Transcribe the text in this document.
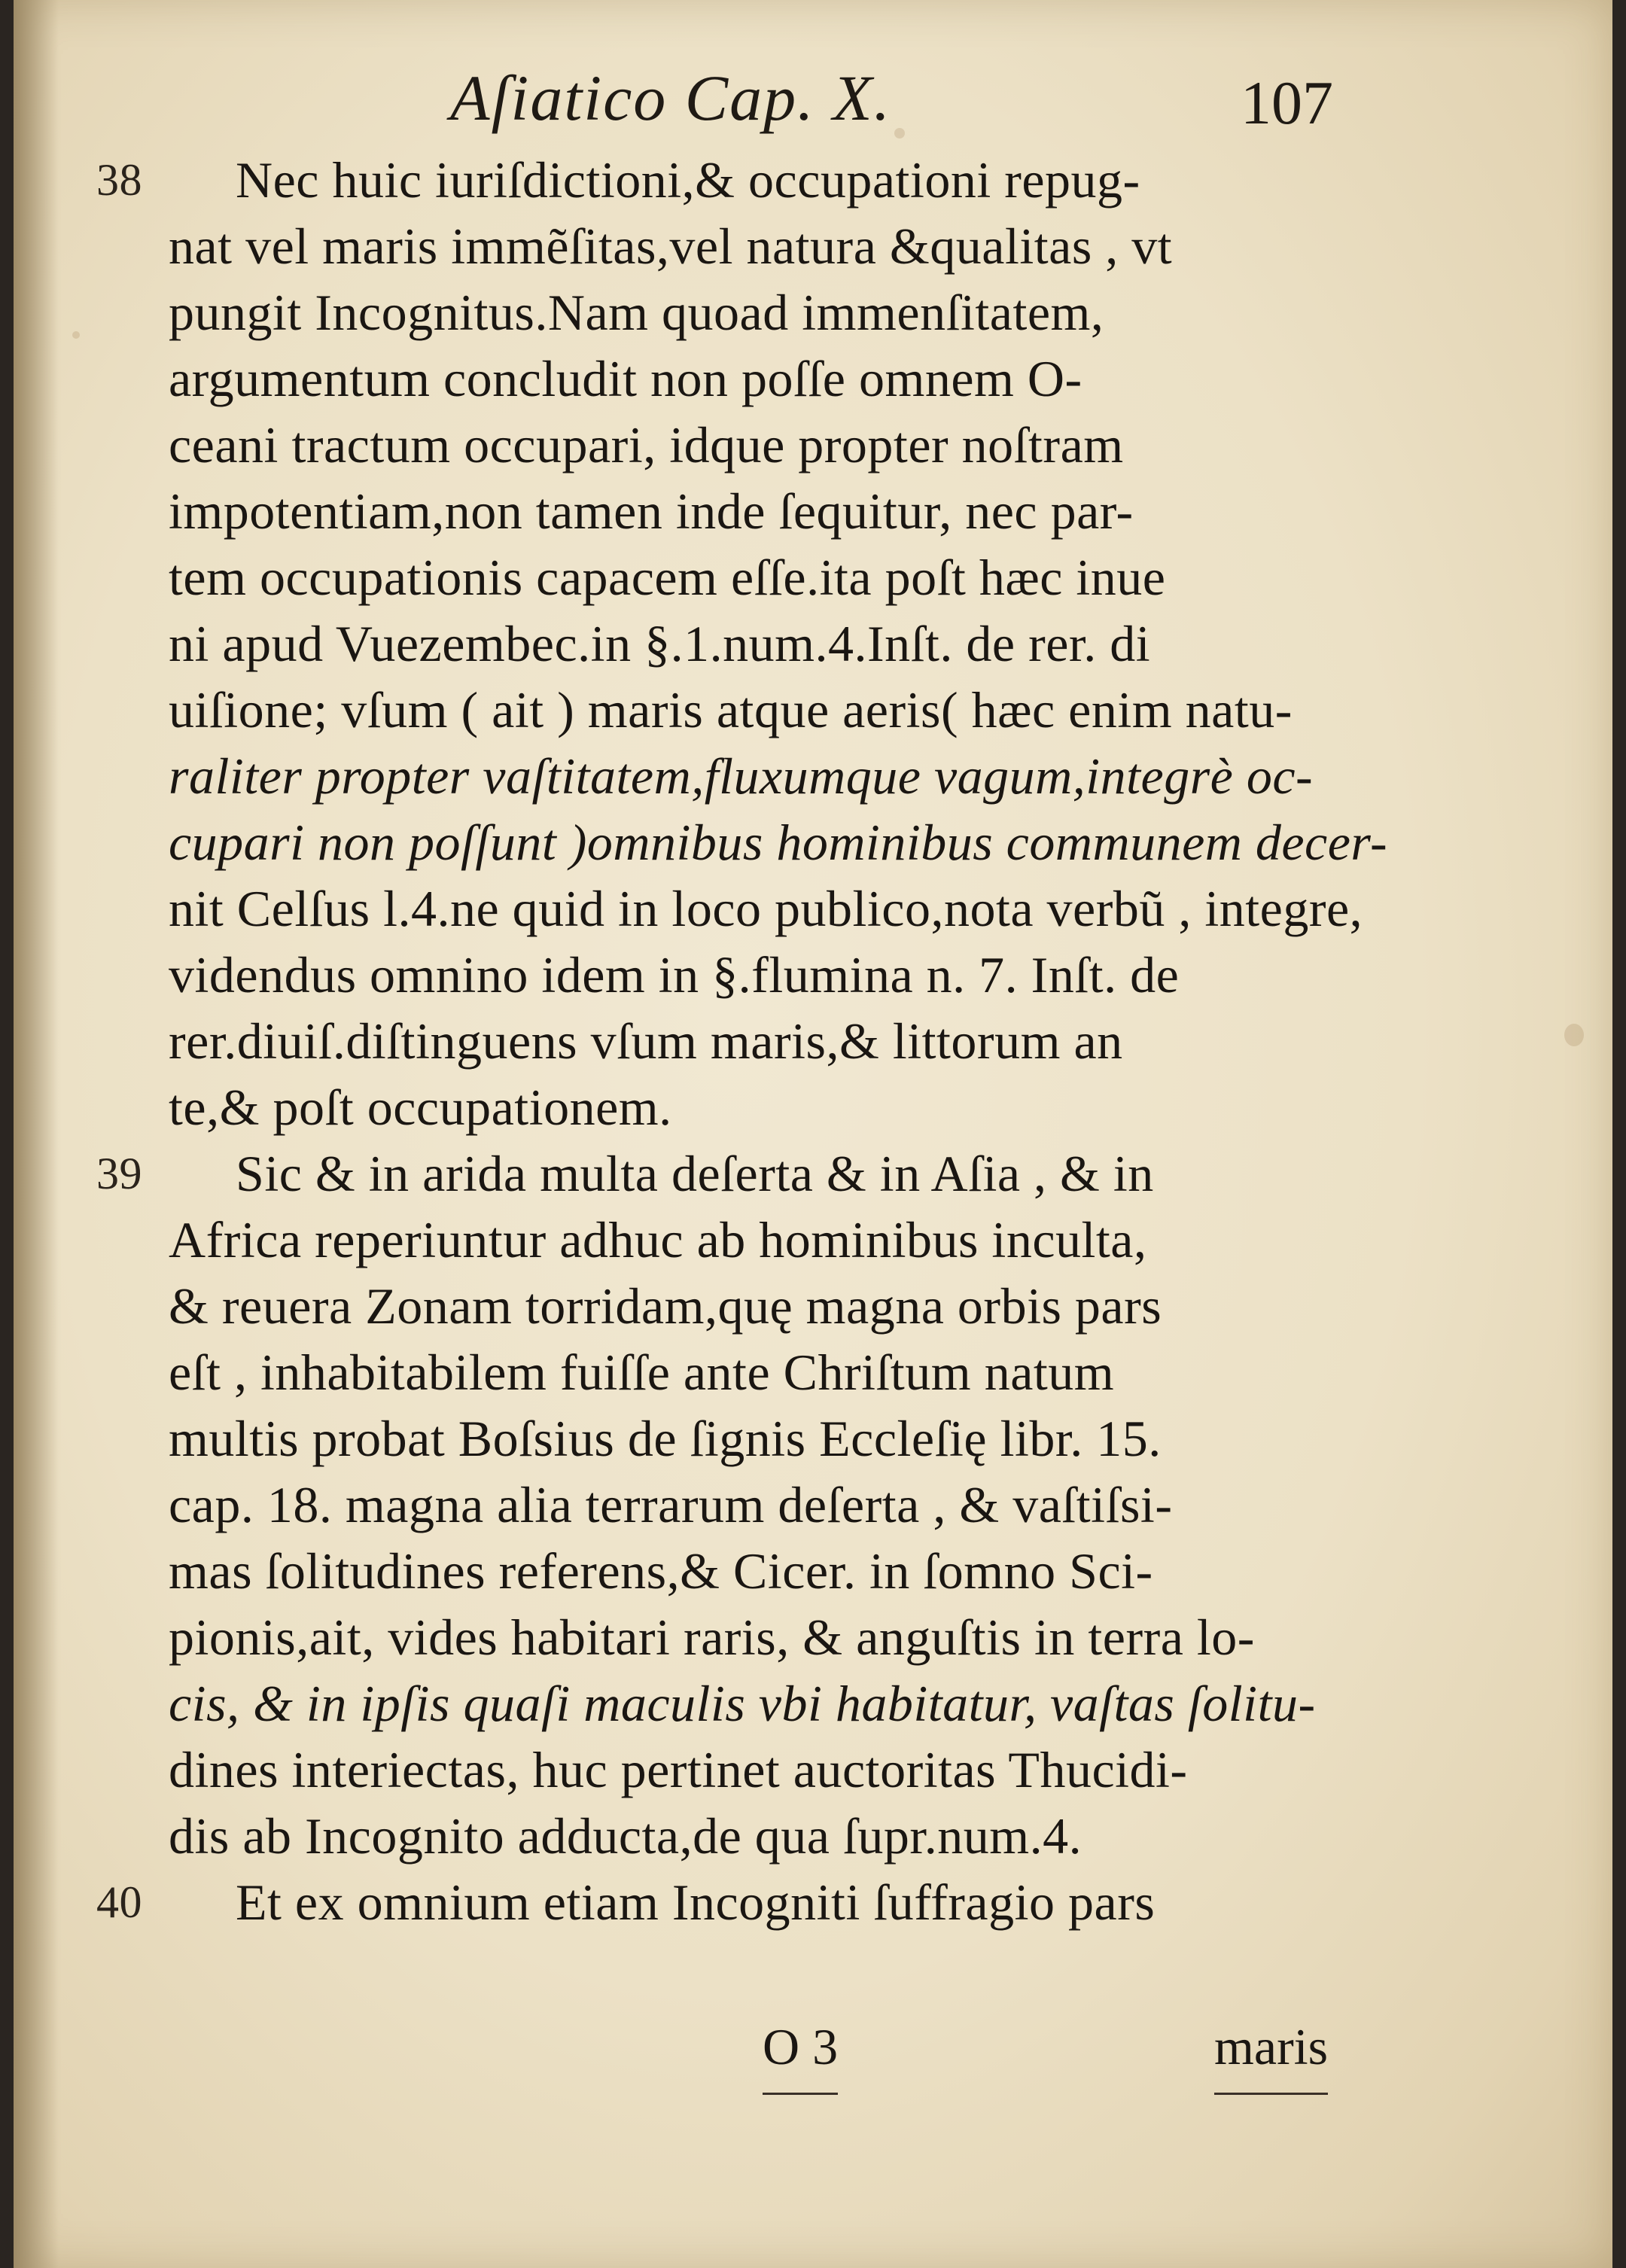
Aſiatico Cap. X.	107
38	Nec huic iuriſdictioni,& occupationi repug-
nat vel maris immẽſitas,vel natura &qualitas , vt
pungit Incognitus.Nam quoad immenſitatem,
argumentum concludit non poſſe omnem O-
ceani tractum occupari, idque propter noſtram
impotentiam,non tamen inde ſequitur, nec par-
tem occupationis capacem eſſe.ita poſt hæc inue
ni apud Vuezembec.in §.1.num.4.Inſt. de rer. di
uiſione; vſum ( ait ) maris atque aeris( hæc enim natu-
raliter propter vaſtitatem,fluxumque vagum,integrè oc-
cupari non poſſunt )omnibus hominibus communem decer-
nit Celſus l.4.ne quid in loco publico,nota verbũ , integre,
videndus omnino idem in §.flumina n. 7. Inſt. de
rer.diuiſ.diſtinguens vſum maris,& littorum an
te,& poſt occupationem.
39	Sic & in arida multa deſerta & in Aſia , & in
Africa reperiuntur adhuc ab hominibus inculta,
& reuera Zonam torridam,quę magna orbis pars
eſt , inhabitabilem fuiſſe ante Chriſtum natum
multis probat Boſsius de ſignis Eccleſię libr. 15.
cap. 18. magna alia terrarum deſerta , & vaſtiſsi-
mas ſolitudines referens,& Cicer. in ſomno Sci-
pionis,ait, vides habitari raris, & anguſtis in terra lo-
cis, & in ipſis quaſi maculis vbi habitatur, vaſtas ſolitu-
dines interiectas, huc pertinet auctoritas Thucidi-
dis ab Incognito adducta,de qua ſupr.num.4.
40	Et ex omnium etiam Incogniti ſuffragio pars
O 3	maris
